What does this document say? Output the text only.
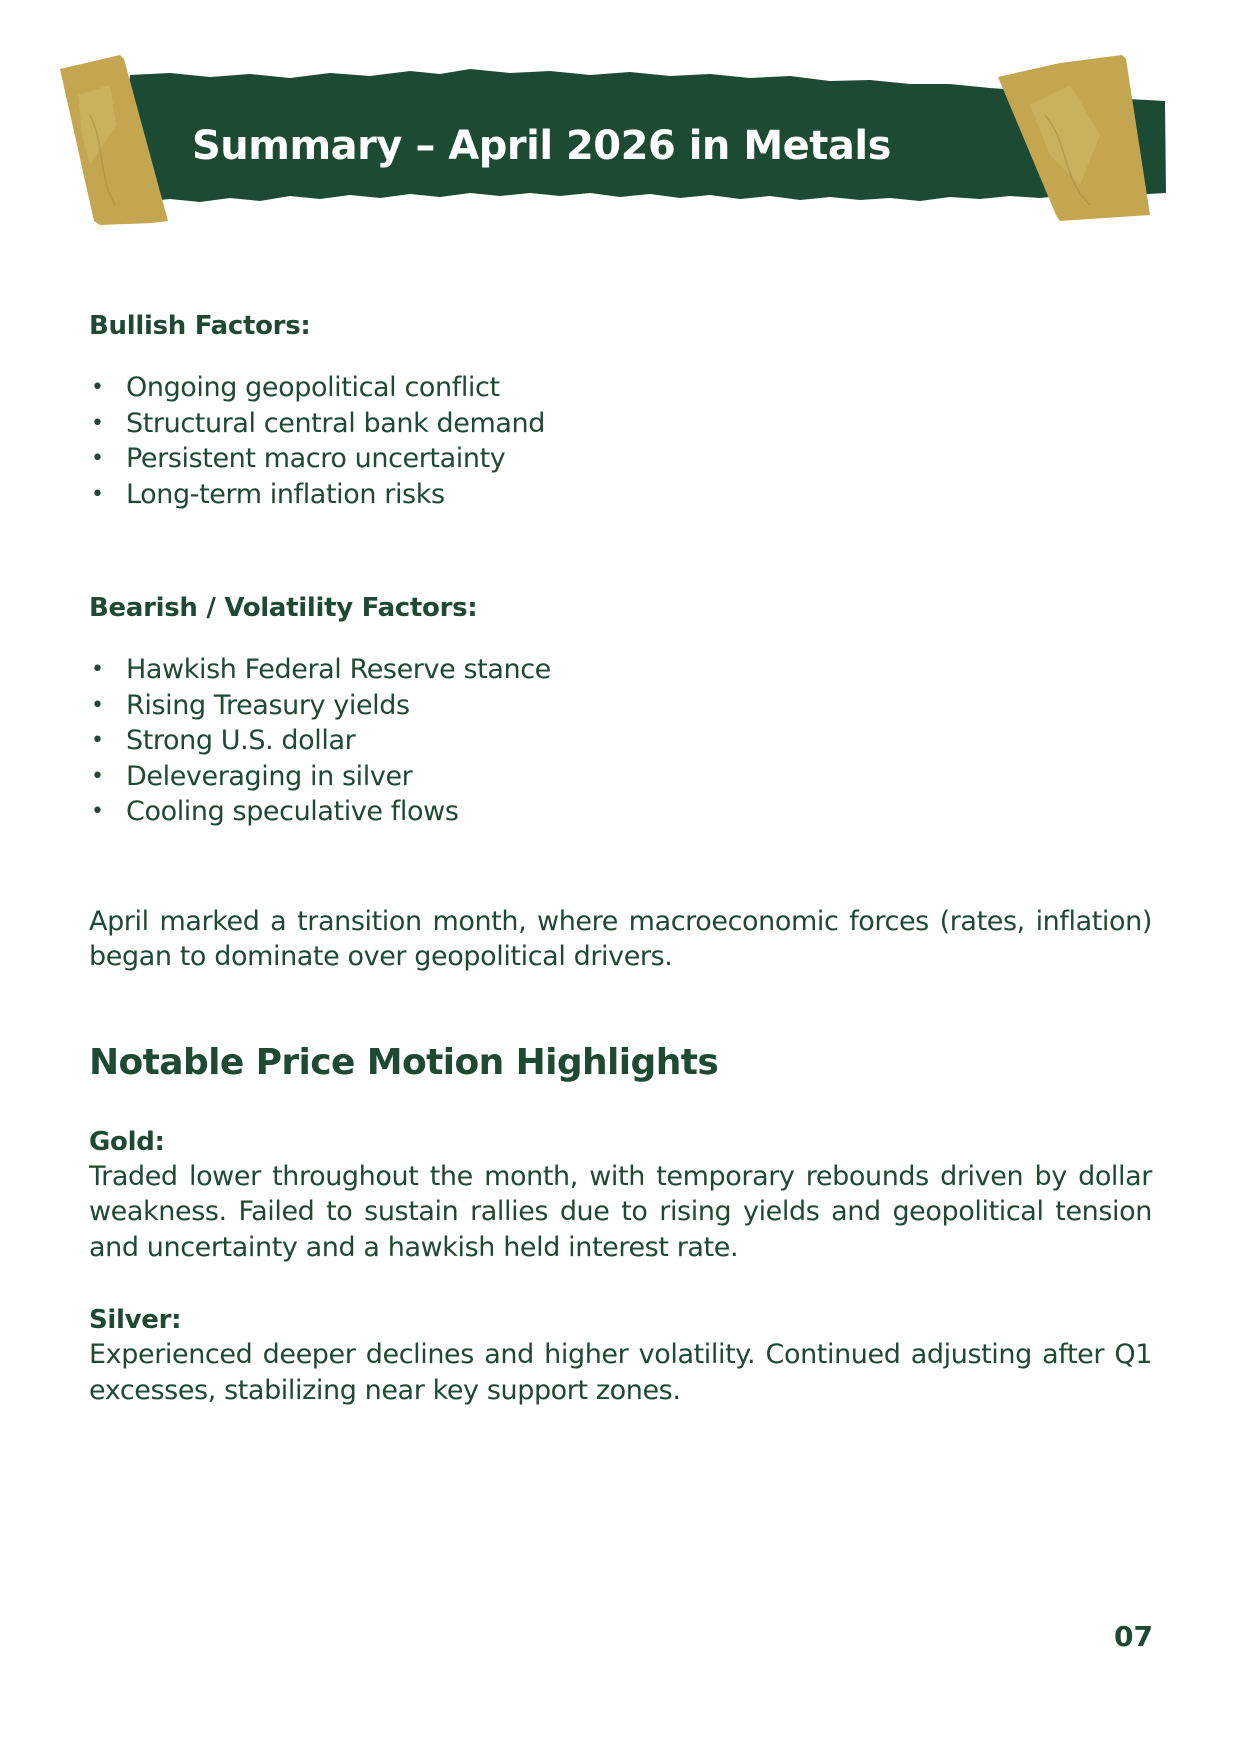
Summary – April 2026 in Metals

Bullish Factors:

• Ongoing geopolitical conflict
• Structural central bank demand
• Persistent macro uncertainty
• Long-term inflation risks

Bearish / Volatility Factors:

• Hawkish Federal Reserve stance
• Rising Treasury yields
• Strong U.S. dollar
• Deleveraging in silver
• Cooling speculative flows

April marked a transition month, where macroeconomic forces (rates, inflation) began to dominate over geopolitical drivers.

Notable Price Motion Highlights

Gold:

Traded lower throughout the month, with temporary rebounds driven by dollar weakness. Failed to sustain rallies due to rising yields and geopolitical tension and uncertainty and a hawkish held interest rate.

Silver:

Experienced deeper declines and higher volatility. Continued adjusting after Q1 excesses, stabilizing near key support zones.

07
